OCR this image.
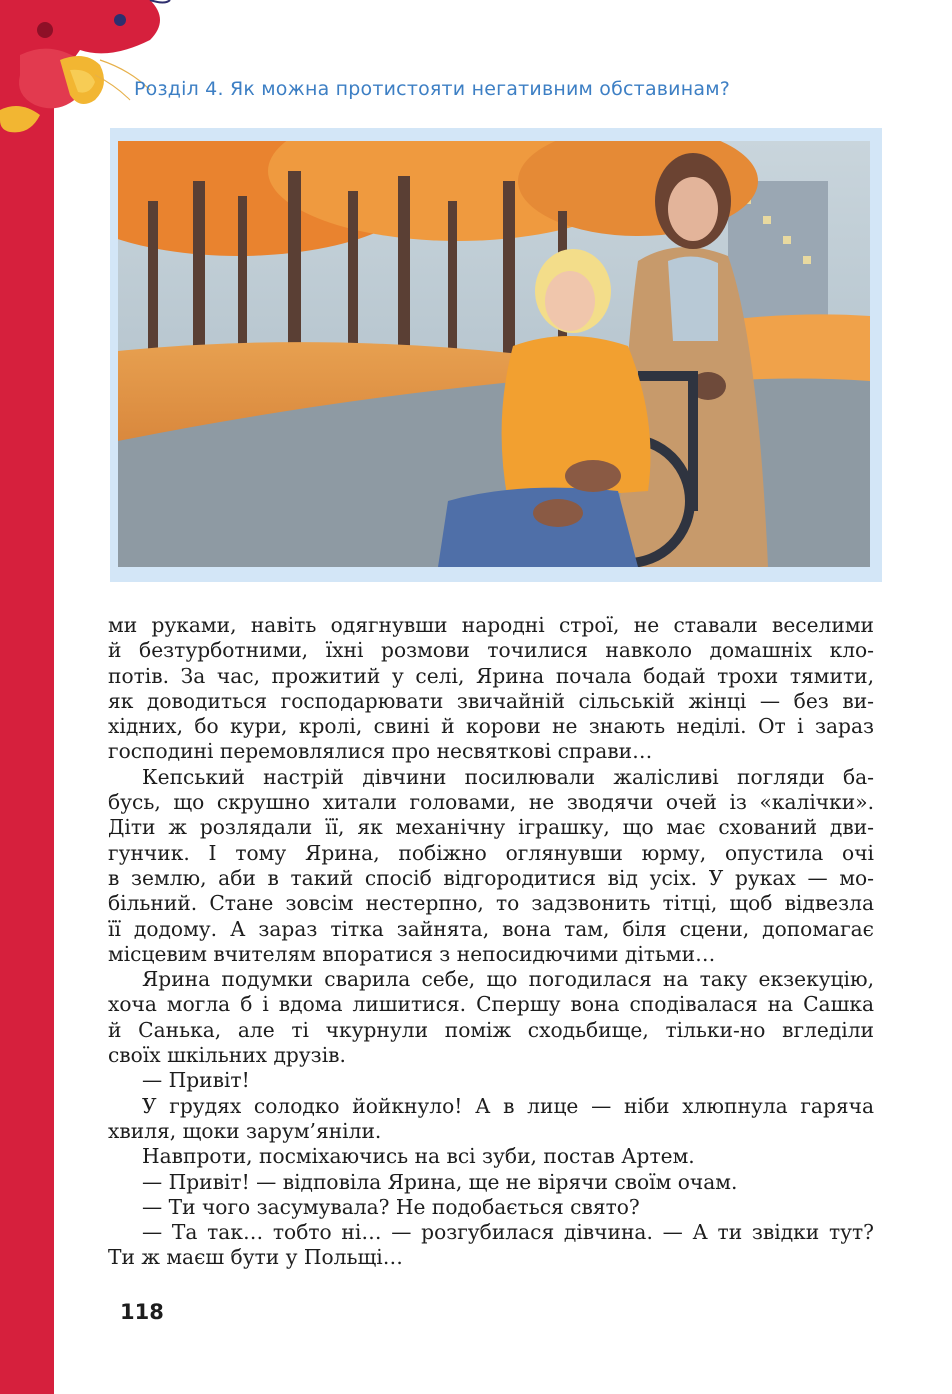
Розділ 4. Як можна протистояти негативним обставинам?

ми руками, навіть одягнувши народні строї, не ставали веселими

й безтурботними, їхні розмови точилися навколо домашніх кло-

потів. За час, прожитий у селі, Ярина почала бодай трохи тямити,

як доводиться господарювати звичайній сільській жінці — без ви-

хідних, бо кури, кролі, свині й корови не знають неділі. От і зараз

господині перемовлялися про несвяткові справи…

Кепський настрій дівчини посилювали жалісливі погляди ба-

бусь, що скрушно хитали головами, не зводячи очей із «калічки».

Діти ж розлядали її, як механічну іграшку, що має схований дви-

гунчик. І тому Ярина, побіжно оглянувши юрму, опустила очі

в землю, аби в такий спосіб відгородитися від усіх. У руках — мо-

більний. Стане зовсім нестерпно, то задзвонить тітці, щоб відвезла

її додому. А зараз тітка зайнята, вона там, біля сцени, допомагає

місцевим вчителям впоратися з непосидючими дітьми…

Ярина подумки сварила себе, що погодилася на таку екзекуцію,

хоча могла б і вдома лишитися. Спершу вона сподівалася на Сашка

й Санька, але ті чкурнули поміж сходьбище, тільки-но вгледіли

своїх шкільних друзів.

— Привіт!

У грудях солодко йойкнуло! А в лице — ніби хлюпнула гаряча

хвиля, щоки зарум’яніли.

Навпроти, посміхаючись на всі зуби, постав Артем.

— Привіт! — відповіла Ярина, ще не вірячи своїм очам.

— Ти чого засумувала? Не подобається свято?

— Та так… тобто ні… — розгубилася дівчина. — А ти звідки тут?

Ти ж маєш бути у Польщі…

118
